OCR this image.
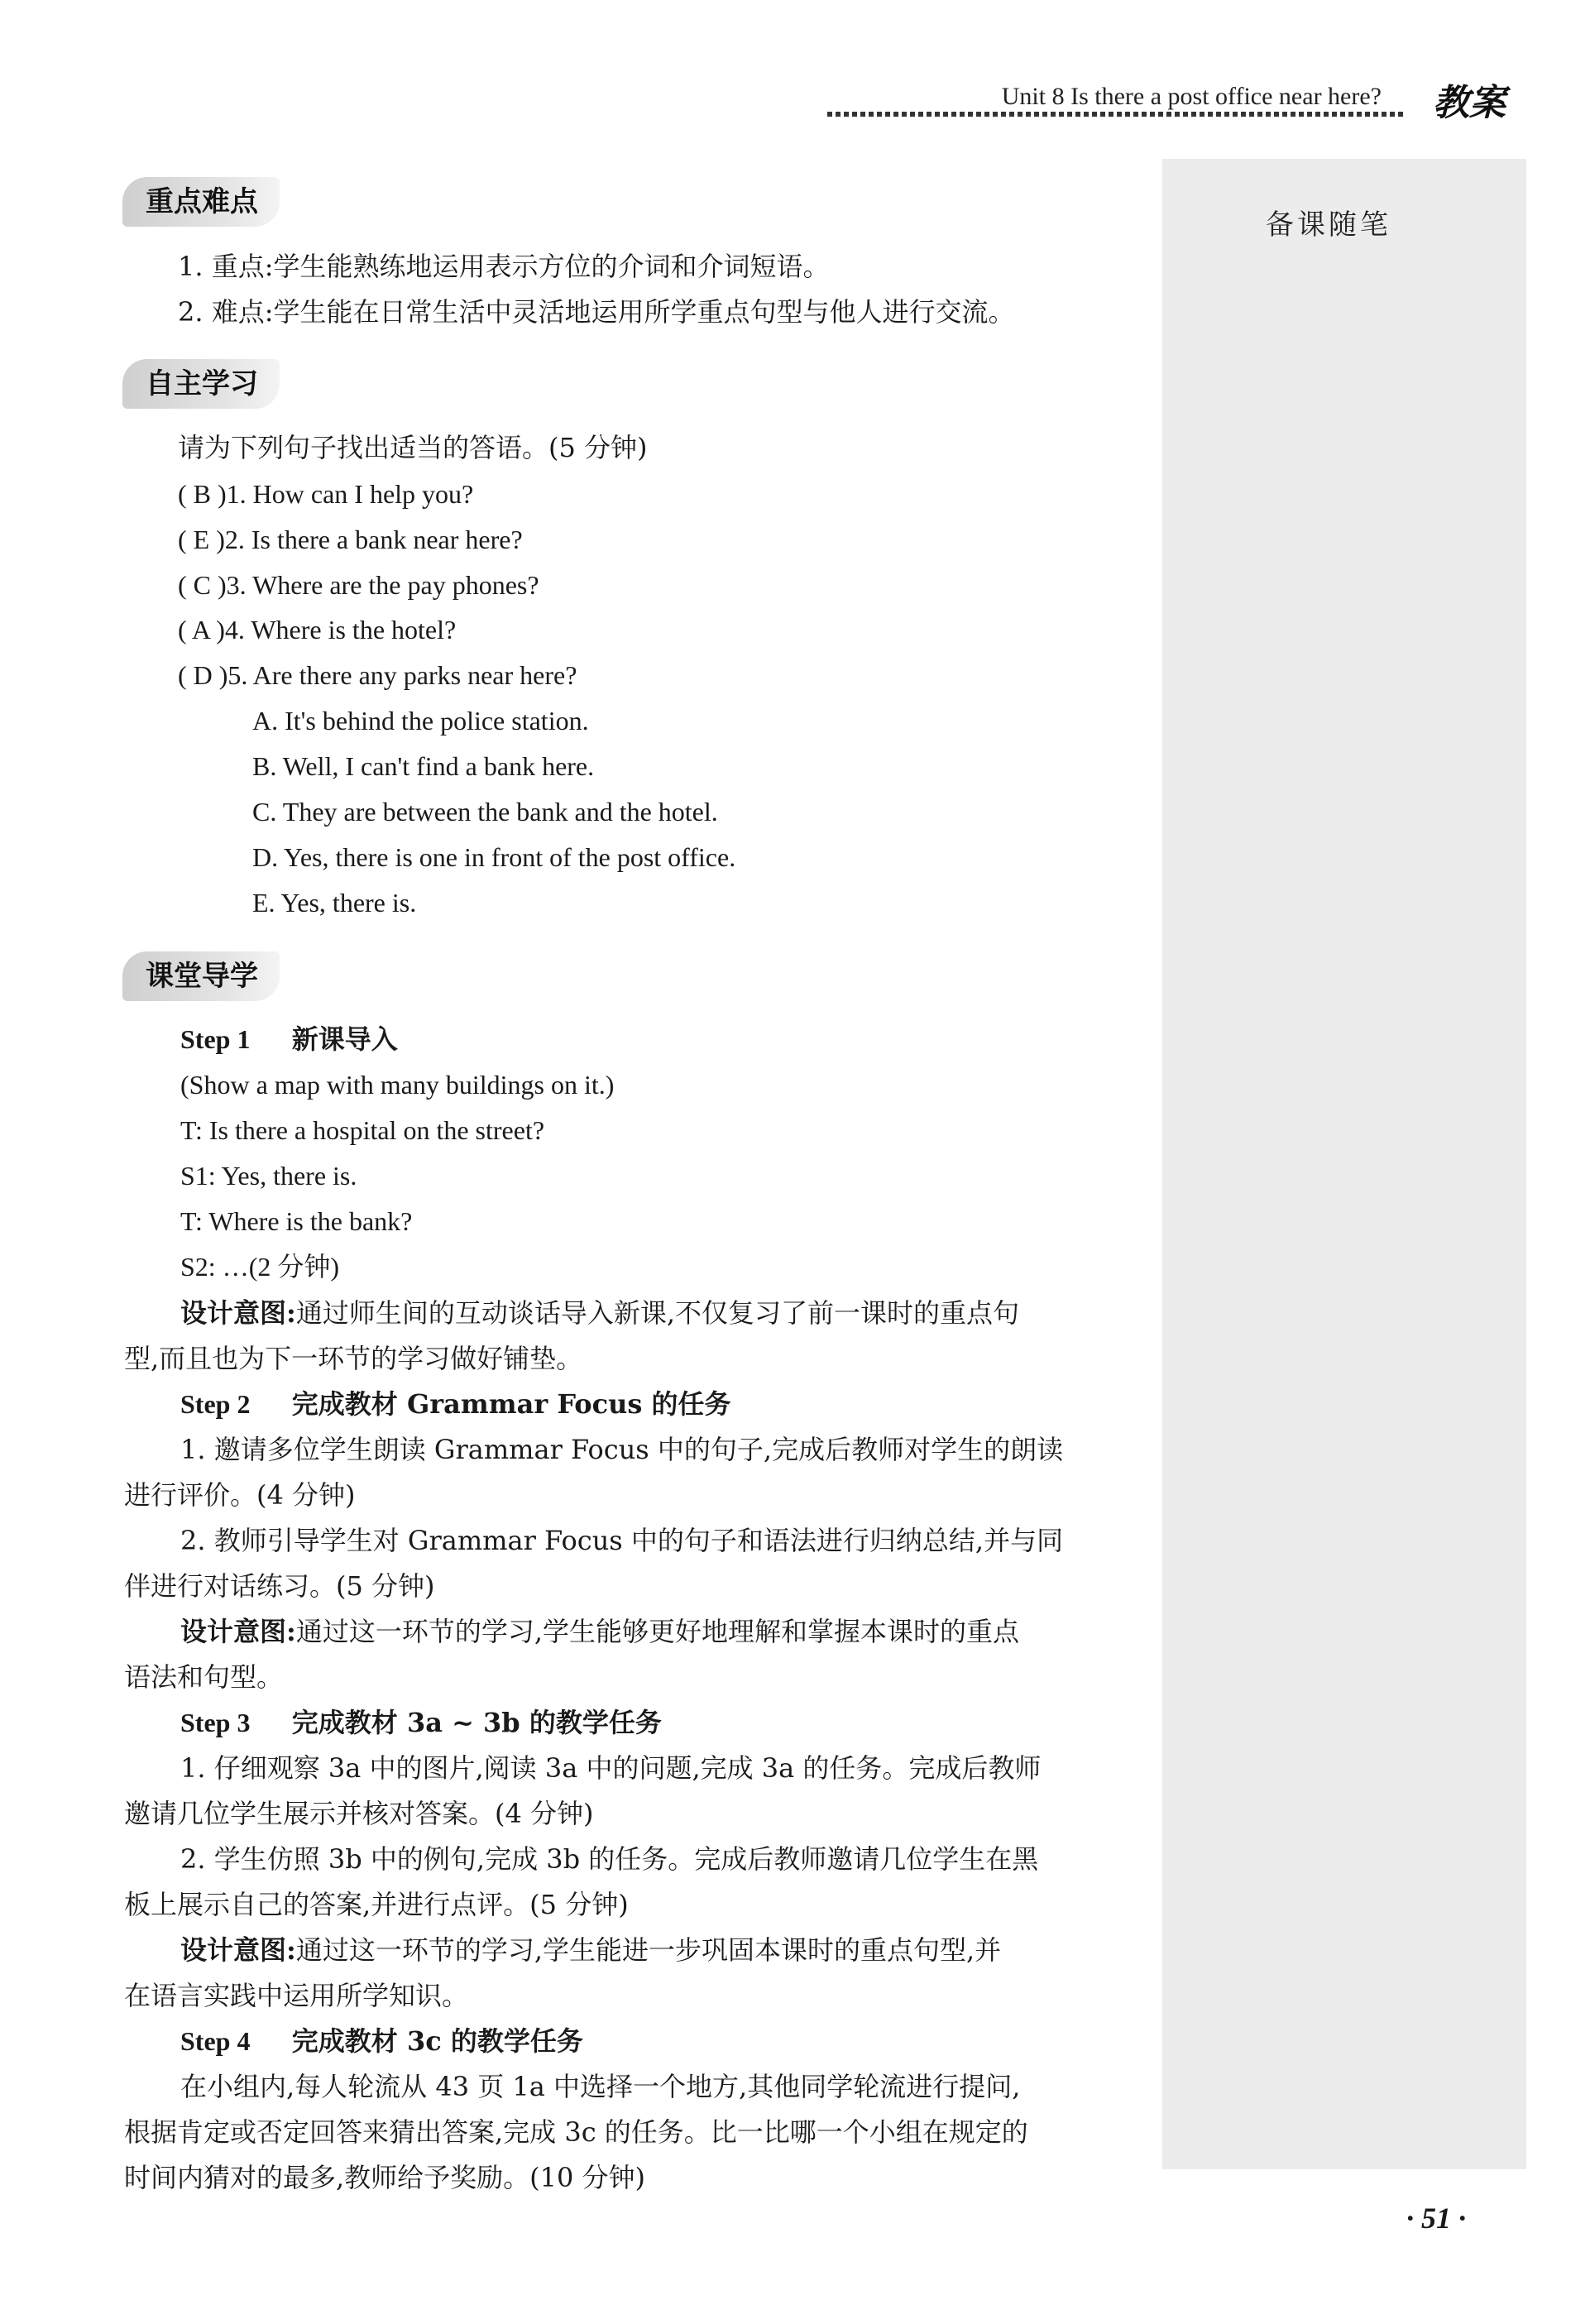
Unit 8 Is there a post office near here? 教案
备课随笔
重点难点
1. 重点:学生能熟练地运用表示方位的介词和介词短语。
2. 难点:学生能在日常生活中灵活地运用所学重点句型与他人进行交流。
自主学习
请为下列句子找出适当的答语。(5 分钟)
( B )1. How can I help you?
( E )2. Is there a bank near here?
( C )3. Where are the pay phones?
( A )4. Where is the hotel?
( D )5. Are there any parks near here?
A. It's behind the police station.
B. Well, I can't find a bank here.
C. They are between the bank and the hotel.
D. Yes, there is one in front of the post office.
E. Yes, there is.
课堂导学
Step 1 新课导入
(Show a map with many buildings on it.)
T: Is there a hospital on the street?
S1: Yes, there is.
T: Where is the bank?
S2: …(2 分钟)
设计意图:通过师生间的互动谈话导入新课,不仅复习了前一课时的重点句
型,而且也为下一环节的学习做好铺垫。
Step 2 完成教材 Grammar Focus 的任务
1. 邀请多位学生朗读 Grammar Focus 中的句子,完成后教师对学生的朗读
进行评价。(4 分钟)
2. 教师引导学生对 Grammar Focus 中的句子和语法进行归纳总结,并与同
伴进行对话练习。(5 分钟)
设计意图:通过这一环节的学习,学生能够更好地理解和掌握本课时的重点
语法和句型。
Step 3 完成教材 3a ~ 3b 的教学任务
1. 仔细观察 3a 中的图片,阅读 3a 中的问题,完成 3a 的任务。完成后教师
邀请几位学生展示并核对答案。(4 分钟)
2. 学生仿照 3b 中的例句,完成 3b 的任务。完成后教师邀请几位学生在黑
板上展示自己的答案,并进行点评。(5 分钟)
设计意图:通过这一环节的学习,学生能进一步巩固本课时的重点句型,并
在语言实践中运用所学知识。
Step 4 完成教材 3c 的教学任务
在小组内,每人轮流从 43 页 1a 中选择一个地方,其他同学轮流进行提问,
根据肯定或否定回答来猜出答案,完成 3c 的任务。比一比哪一个小组在规定的
时间内猜对的最多,教师给予奖励。(10 分钟)
· 51 ·
